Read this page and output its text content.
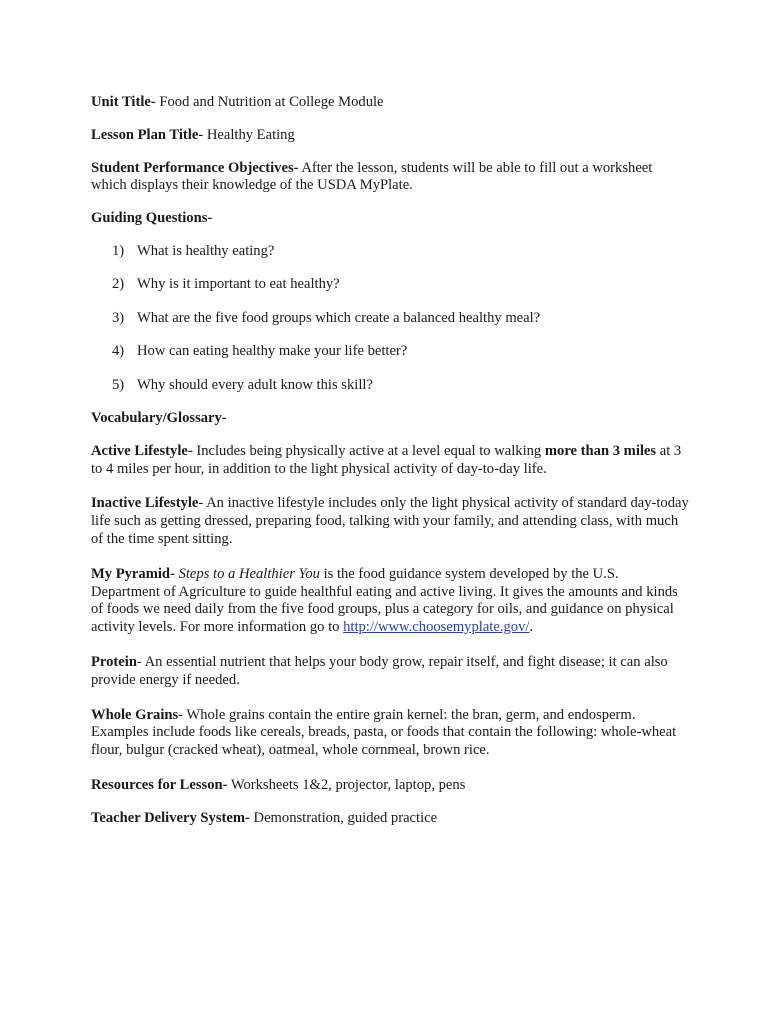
Unit Title- Food and Nutrition at College Module

Lesson Plan Title- Healthy Eating

Student Performance Objectives- After the lesson, students will be able to fill out a worksheet which displays their knowledge of the USDA MyPlate.

Guiding Questions-

1) What is healthy eating?
2) Why is it important to eat healthy?
3) What are the five food groups which create a balanced healthy meal?
4) How can eating healthy make your life better?
5) Why should every adult know this skill?

Vocabulary/Glossary-

Active Lifestyle- Includes being physically active at a level equal to walking more than 3 miles at 3 to 4 miles per hour, in addition to the light physical activity of day-to-day life.

Inactive Lifestyle- An inactive lifestyle includes only the light physical activity of standard day-today life such as getting dressed, preparing food, talking with your family, and attending class, with much of the time spent sitting.

My Pyramid- Steps to a Healthier You is the food guidance system developed by the U.S. Department of Agriculture to guide healthful eating and active living. It gives the amounts and kinds of foods we need daily from the five food groups, plus a category for oils, and guidance on physical activity levels. For more information go to http://www.choosemyplate.gov/.

Protein- An essential nutrient that helps your body grow, repair itself, and fight disease; it can also provide energy if needed.

Whole Grains- Whole grains contain the entire grain kernel: the bran, germ, and endosperm. Examples include foods like cereals, breads, pasta, or foods that contain the following: whole-wheat flour, bulgur (cracked wheat), oatmeal, whole cornmeal, brown rice.

Resources for Lesson- Worksheets 1&2, projector, laptop, pens

Teacher Delivery System- Demonstration, guided practice
